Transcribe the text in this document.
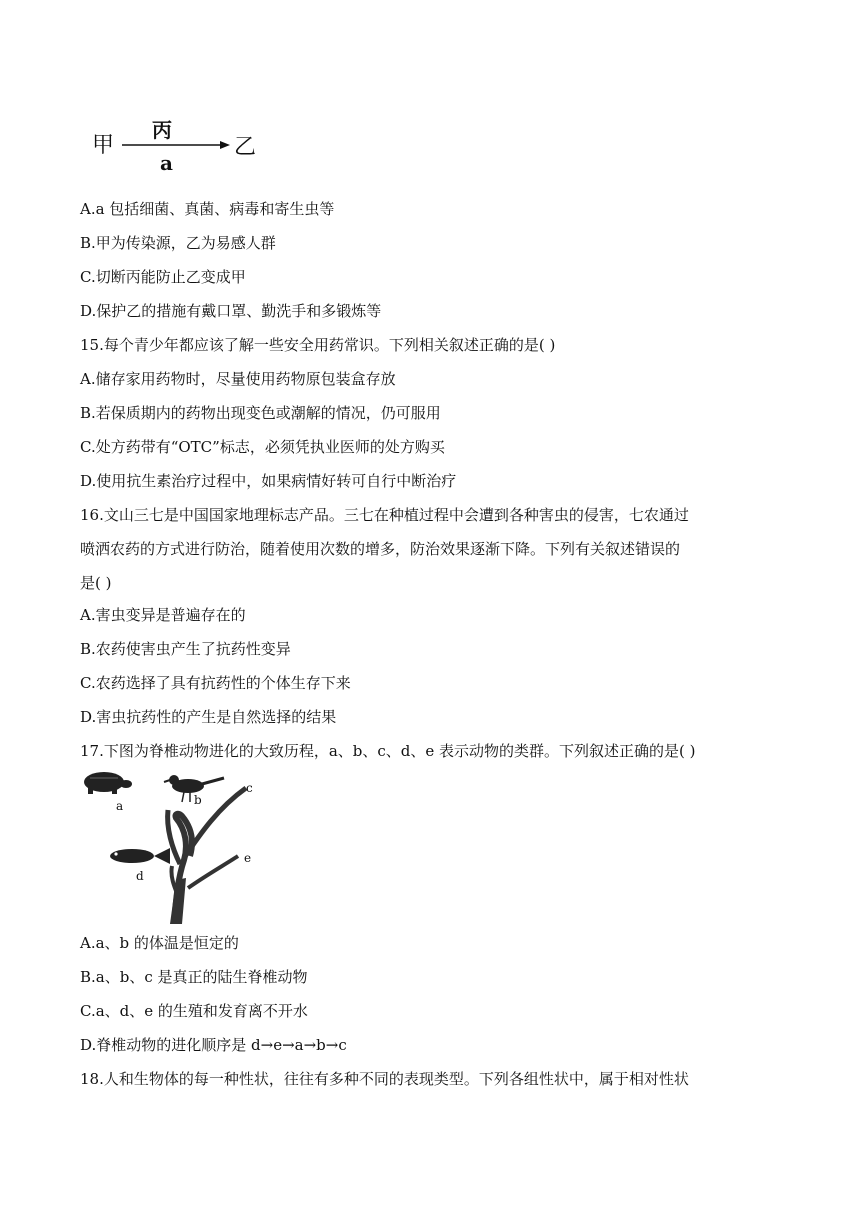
甲
丙
a
乙
A.a 包括细菌、真菌、病毒和寄生虫等
B.甲为传染源，乙为易感人群
C.切断丙能防止乙变成甲
D.保护乙的措施有戴口罩、勤洗手和多锻炼等
15.每个青少年都应该了解一些安全用药常识。下列相关叙述正确的是( )
A.储存家用药物时，尽量使用药物原包装盒存放
B.若保质期内的药物出现变色或潮解的情况，仍可服用
C.处方药带有“OTC”标志，必须凭执业医师的处方购买
D.使用抗生素治疗过程中，如果病情好转可自行中断治疗
16.文山三七是中国国家地理标志产品。三七在种植过程中会遭到各种害虫的侵害，七农通过
喷洒农药的方式进行防治，随着使用次数的增多，防治效果逐渐下降。下列有关叙述错误的
是( )
A.害虫变异是普遍存在的
B.农药使害虫产生了抗药性变异
C.农药选择了具有抗药性的个体生存下来
D.害虫抗药性的产生是自然选择的结果
17.下图为脊椎动物进化的大致历程，a、b、c、d、e 表示动物的类群。下列叙述正确的是( )
a	b
c
d
e
A.a、b 的体温是恒定的
B.a、b、c 是真正的陆生脊椎动物
C.a、d、e 的生殖和发育离不开水
D.脊椎动物的进化顺序是 d→e→a→b→c
18.人和生物体的每一种性状，往往有多种不同的表现类型。下列各组性状中，属于相对性状
